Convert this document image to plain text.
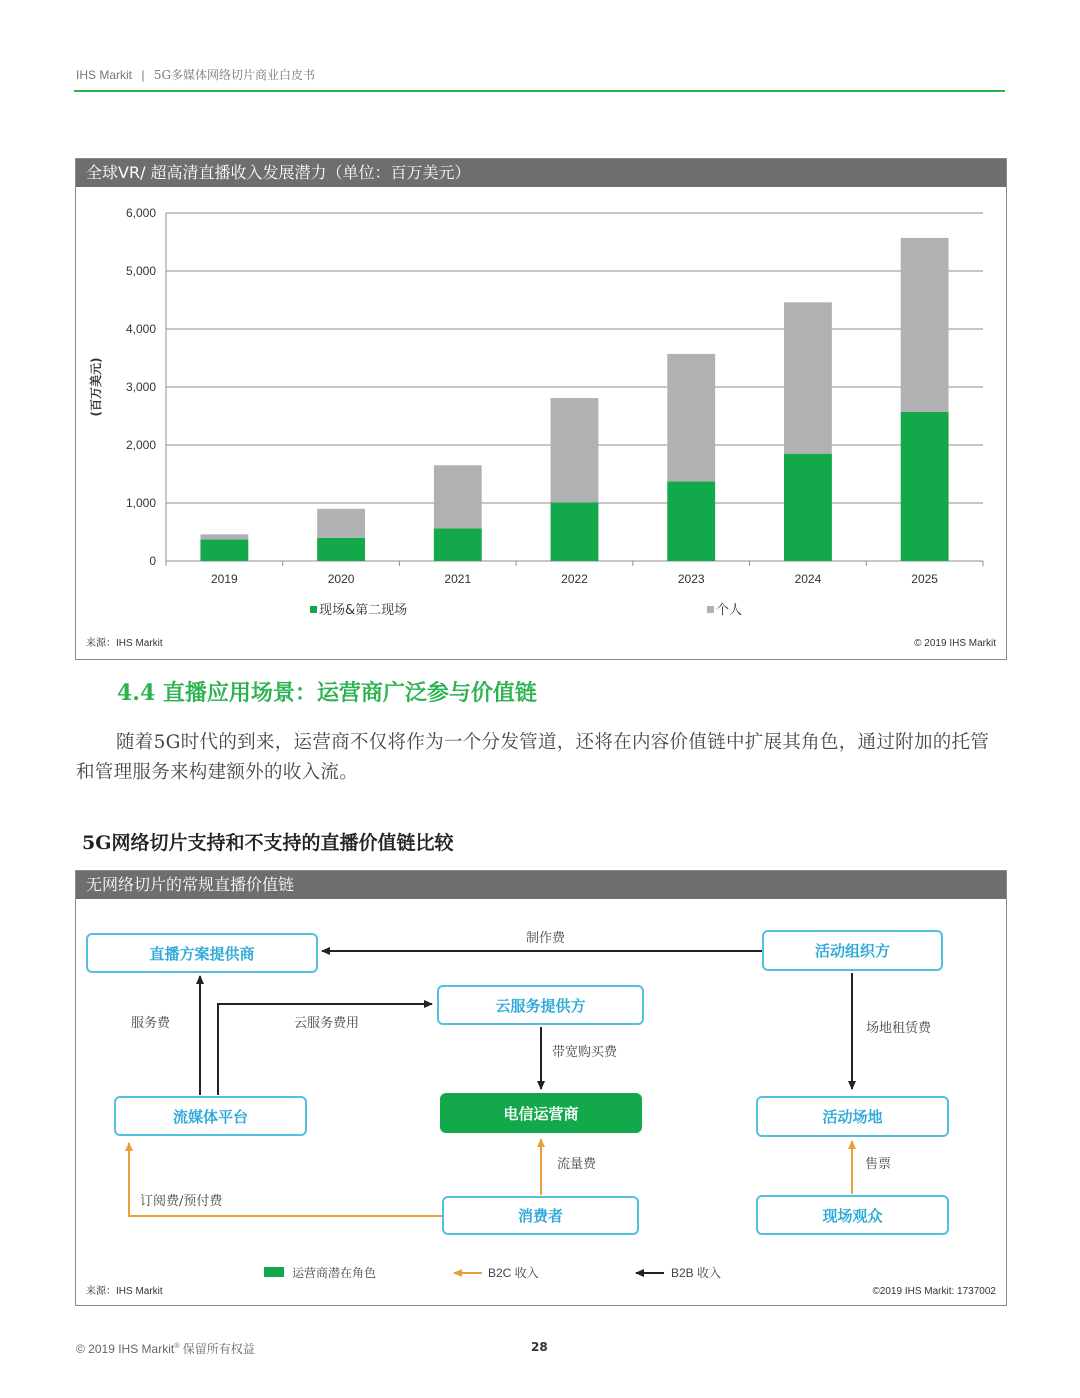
IHS Markit | 5G多媒体网络切片商业白皮书
全球VR/ 超高清直播收入发展潜力（单位：百万美元）
0
1,000
2,000
3,000
4,000
5,000
6,000
2019	2020	2021	2022	2023	2024	2025
(百万美元)
现场&第二现场	个人
来源：IHS Markit	© 2019 IHS Markit
4.4 直播应用场景：运营商广泛参与价值链
随着5G时代的到来，运营商不仅将作为一个分发管道，还将在内容价值链中扩展其角色，通过附加的托管和管理服务来构建额外的收入流。
5G网络切片支持和不支持的直播价值链比较
无网络切片的常规直播价值链
直播方案提供商	活动组织方
云服务提供方
流媒体平台	电信运营商	活动场地
消费者	现场观众
制作费
服务费	云服务费用	场地租赁费
带宽购买费
流量费
订阅费/预付费
售票
运营商潜在角色	B2C 收入	B2B 收入
来源：IHS Markit	©2019 IHS Markit: 1737002
© 2019 IHS Markit® 保留所有权益	28
